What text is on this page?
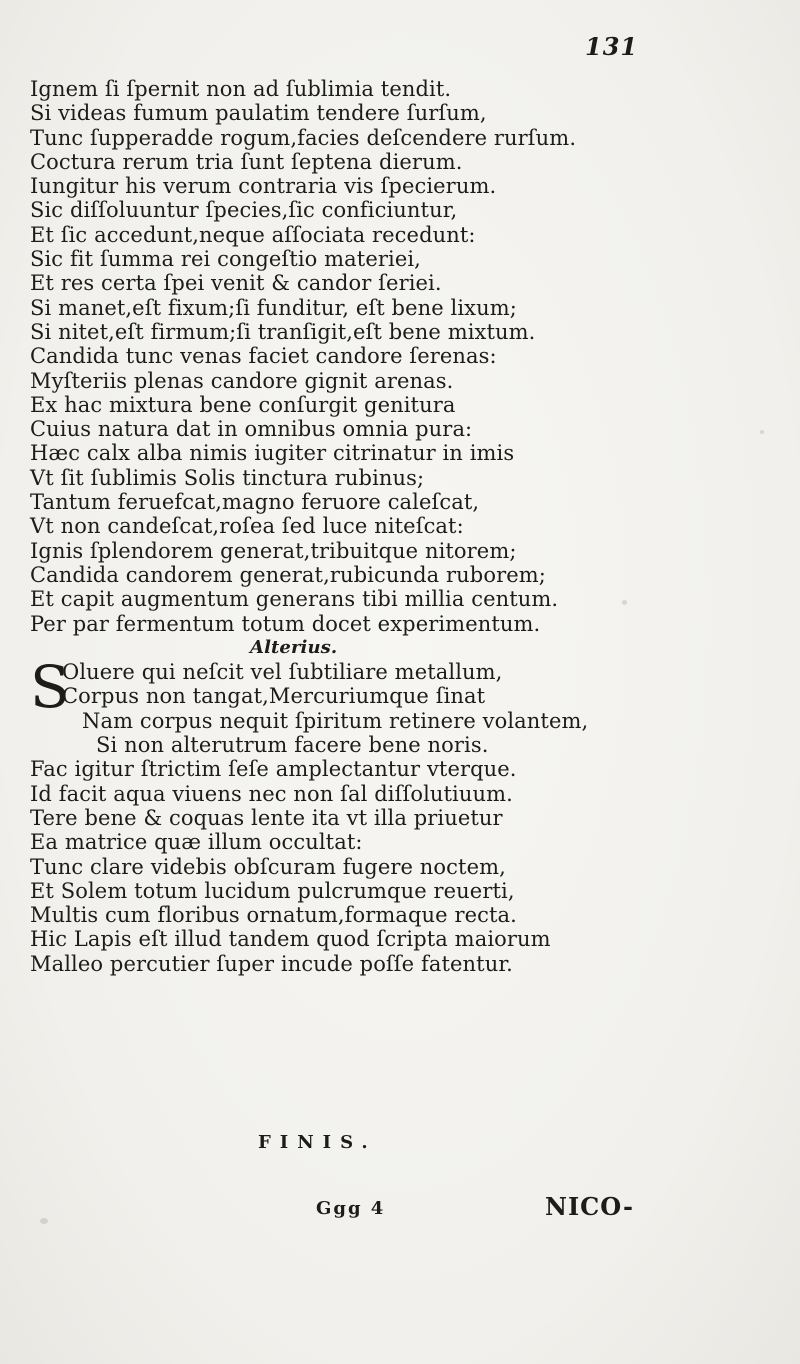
131
Ignem ſi ſpernit non ad ſublimia tendit.
Si videas fumum paulatim tendere ſurſum,
Tunc ſupperadde rogum,facies deſcendere rurſum.
Coctura rerum tria ſunt ſeptena dierum.
Iungitur his verum contraria vis ſpecierum.
Sic diſſoluuntur ſpecies,ſic conficiuntur,
Et ſic accedunt,neque aſſociata recedunt:
Sic fit ſumma rei congeſtio materiei,
Et res certa ſpei venit & candor ſeriei.
Si manet,eſt fixum;ſi funditur, eſt bene lixum;
Si nitet,eſt firmum;ſi tranſigit,eſt bene mixtum.
Candida tunc venas faciet candore ſerenas:
Myſteriis plenas candore gignit arenas.
Ex hac mixtura bene conſurgit genitura
Cuius natura dat in omnibus omnia pura:
Hæc calx alba nimis iugiter citrinatur in imis
Vt ſit ſublimis Solis tinctura rubinus;
Tantum feruefcat,magno feruore caleſcat,
Vt non candeſcat,roſea ſed luce niteſcat:
Ignis ſplendorem generat,tribuitque nitorem;
Candida candorem generat,rubicunda ruborem;
Et capit augmentum generans tibi millia centum.
Per par fermentum totum docet experimentum.
Alterius.
S
Oluere qui neſcit vel ſubtiliare metallum,
Corpus non tangat,Mercuriumque ſinat
Nam corpus nequit ſpiritum retinere volantem,
Si non alterutrum facere bene noris.
Fac igitur ſtrictim ſeſe amplectantur vterque.
Id facit aqua viuens nec non ſal diſſolutiuum.
Tere bene & coquas lente ita vt illa priuetur
Ea matrice quæ illum occultat:
Tunc clare videbis obſcuram fugere noctem,
Et Solem totum lucidum pulcrumque reuerti,
Multis cum floribus ornatum,formaque recta.
Hic Lapis eſt illud tandem quod ſcripta maiorum
Malleo percutier ſuper incude poſſe fatentur.
FINIS.
Ggg 4	NICO-
